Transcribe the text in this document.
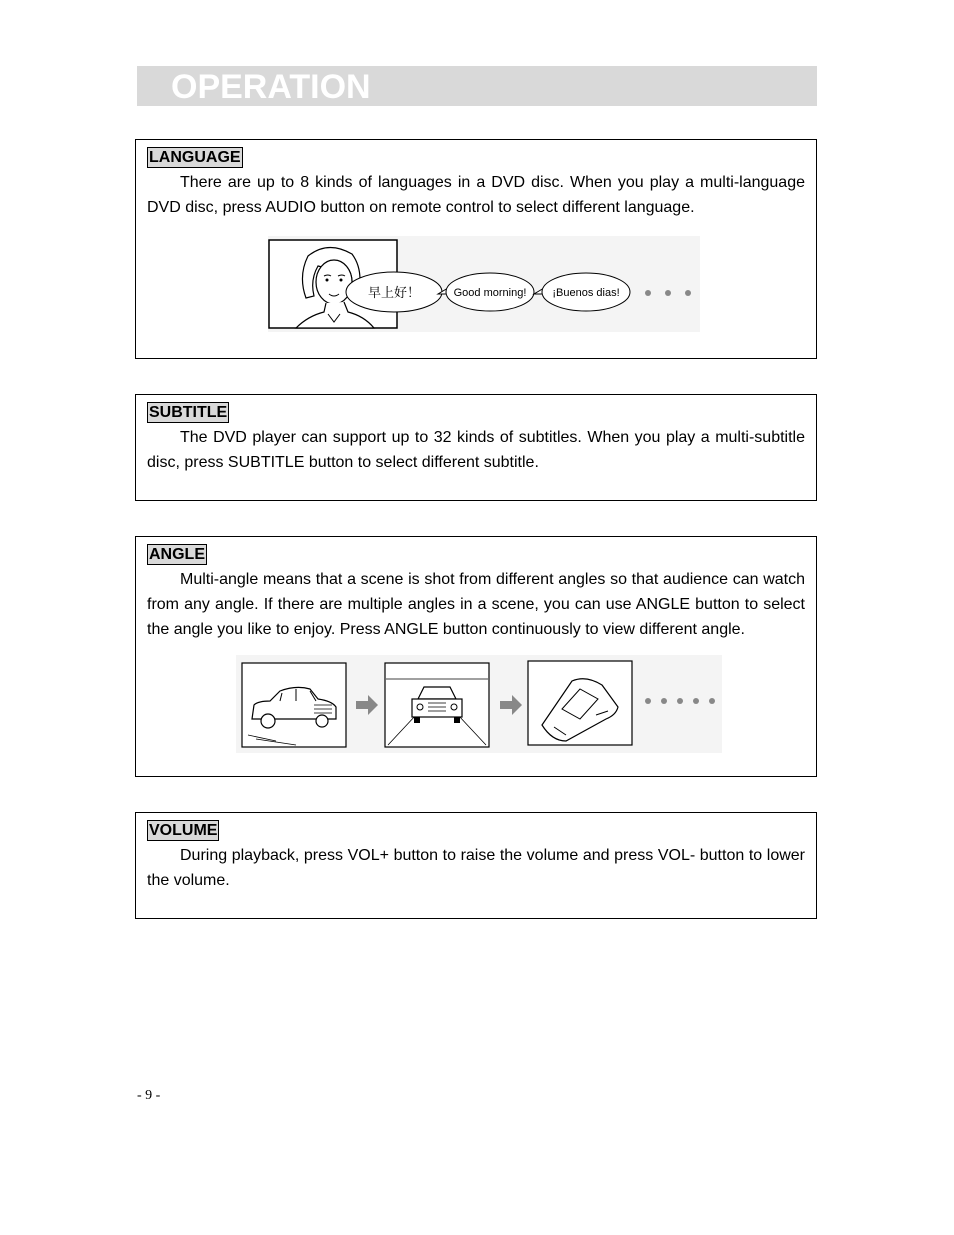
OPERATION
LANGUAGE

There are up to 8 kinds of languages in a DVD disc. When you play a multi-language DVD disc, press AUDIO button on remote control to select different language.

早上好！	Good morning! ¡Buenos dias!
SUBTITLE

The DVD player can support up to 32 kinds of subtitles. When you play a multi-subtitle disc, press SUBTITLE button to select different subtitle.

ANGLE

Multi-angle means that a scene is shot from different angles so that audience can watch from any angle. If there are multiple angles in a scene, you can use ANGLE button to select the angle you like to enjoy. Press ANGLE button continuously to view different angle.

VOLUME

During playback, press VOL+ button to raise the volume and press VOL- button to lower the volume.

- 9 -
